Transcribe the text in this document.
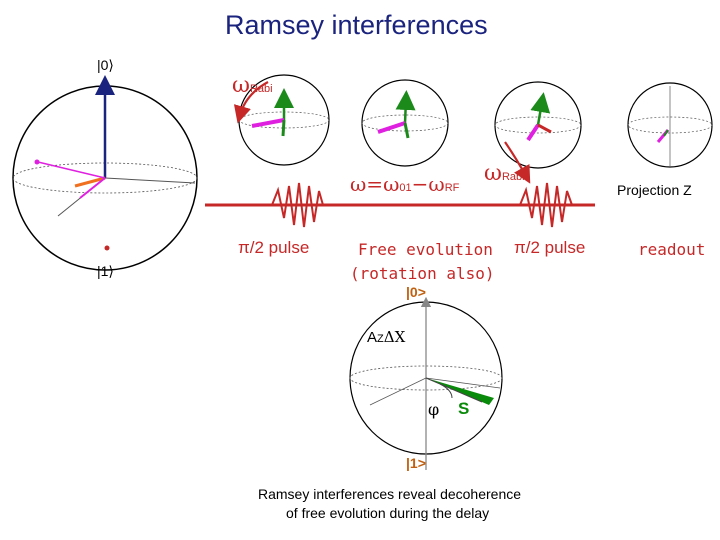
Ramsey interferences
|0⟩
|1⟩
ωRabi
ω=ω01−ωRF
ωRabi
Projection Z
π/2 pulse	Free evolution
(rotation also)
π/2 pulse	readout
|0>
|1>
AZΔX
φ S
Ramsey interferences reveal decoherence
of free evolution during the delay
